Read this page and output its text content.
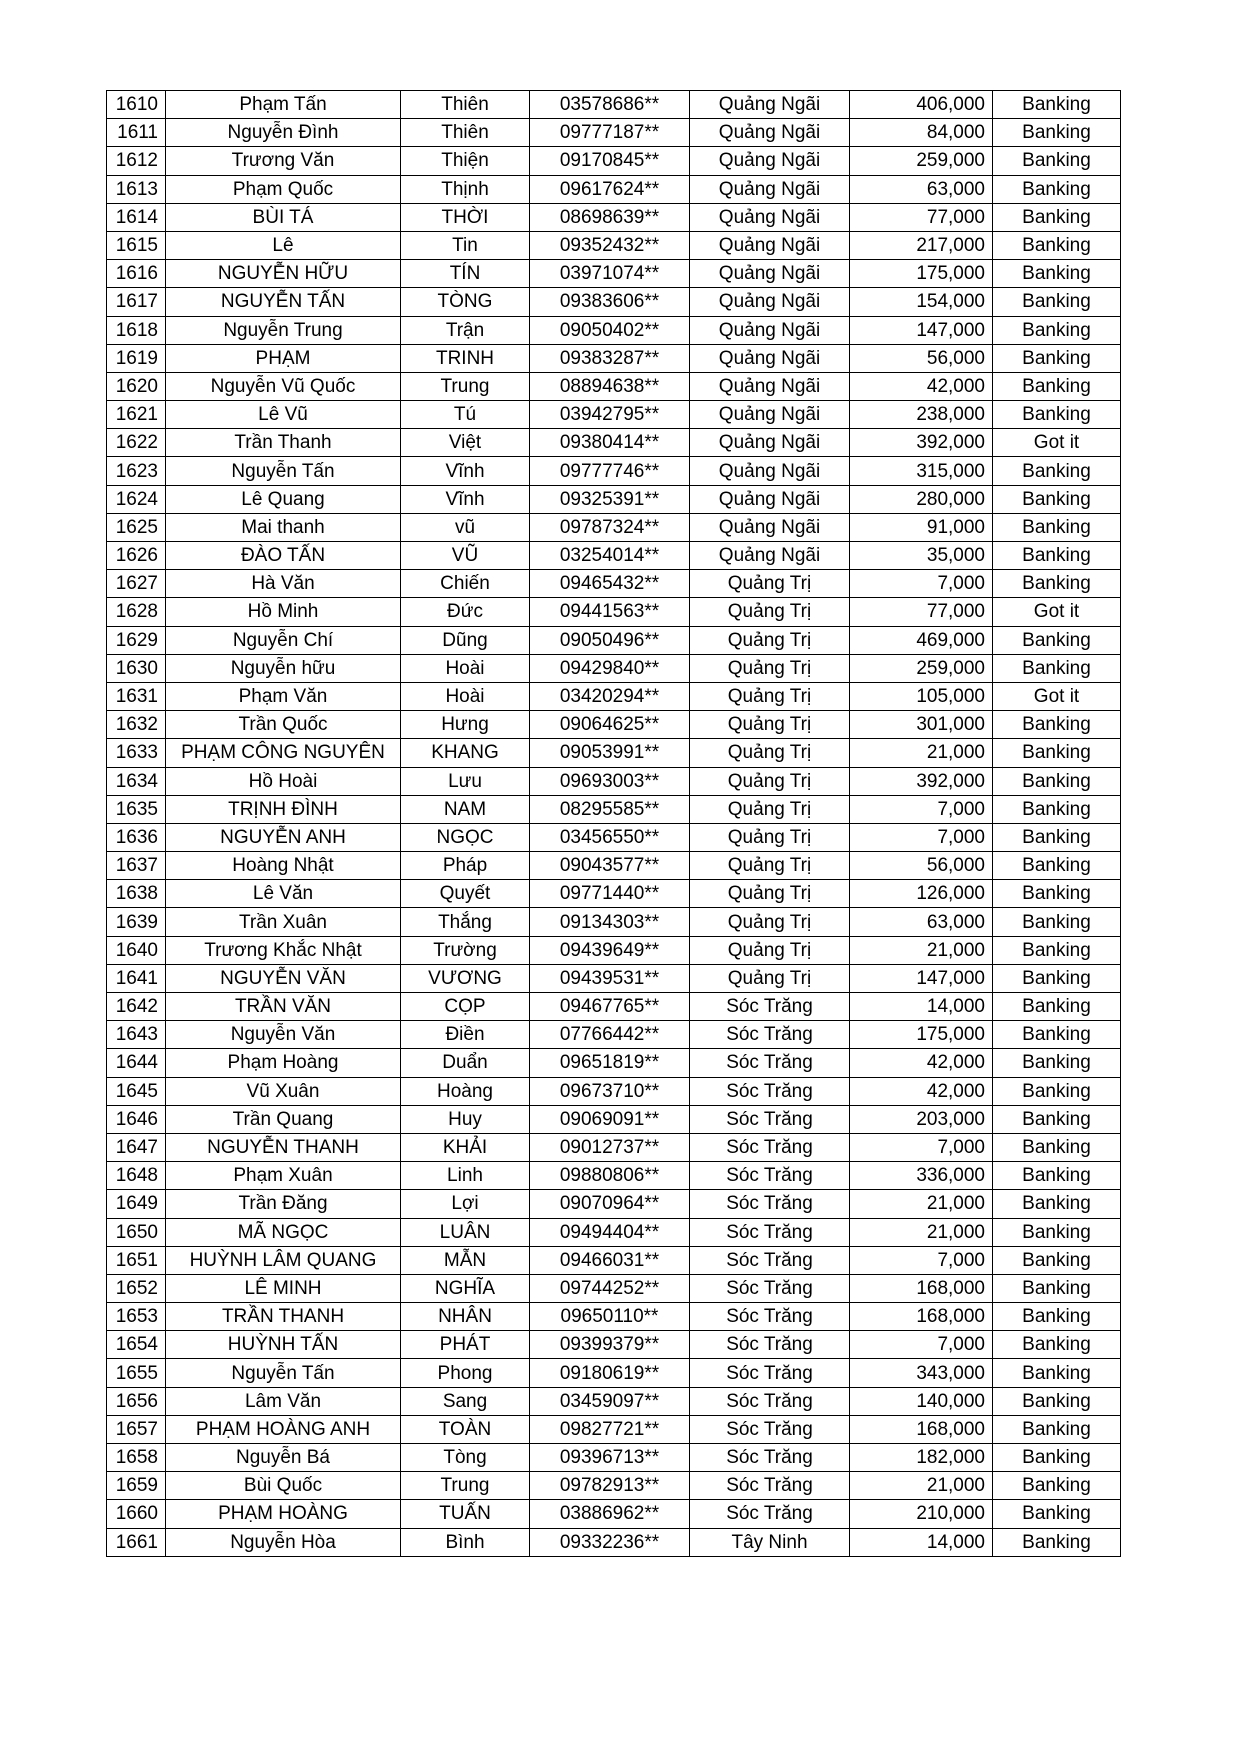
1610	Phạm Tấn	Thiên	03578686**	Quảng Ngãi	406,000	Banking
1611	Nguyễn Đình	Thiên	09777187**	Quảng Ngãi	84,000	Banking
1612	Trương Văn	Thiện	09170845**	Quảng Ngãi	259,000	Banking
1613	Phạm Quốc	Thịnh	09617624**	Quảng Ngãi	63,000	Banking
1614	BÙI TÁ	THỜI	08698639**	Quảng Ngãi	77,000	Banking
1615	Lê	Tin	09352432**	Quảng Ngãi	217,000	Banking
1616	NGUYỄN HỮU	TÍN	03971074**	Quảng Ngãi	175,000	Banking
1617	NGUYỄN TẤN	TÒNG	09383606**	Quảng Ngãi	154,000	Banking
1618	Nguyễn Trung	Trận	09050402**	Quảng Ngãi	147,000	Banking
1619	PHẠM	TRINH	09383287**	Quảng Ngãi	56,000	Banking
1620	Nguyễn Vũ Quốc	Trung	08894638**	Quảng Ngãi	42,000	Banking
1621	Lê Vũ	Tú	03942795**	Quảng Ngãi	238,000	Banking
1622	Trần Thanh	Việt	09380414**	Quảng Ngãi	392,000	Got it
1623	Nguyễn Tấn	Vĩnh	09777746**	Quảng Ngãi	315,000	Banking
1624	Lê Quang	Vĩnh	09325391**	Quảng Ngãi	280,000	Banking
1625	Mai thanh	vũ	09787324**	Quảng Ngãi	91,000	Banking
1626	ĐÀO TẤN	VŨ	03254014**	Quảng Ngãi	35,000	Banking
1627	Hà Văn	Chiến	09465432**	Quảng Trị	7,000	Banking
1628	Hồ Minh	Đức	09441563**	Quảng Trị	77,000	Got it
1629	Nguyễn Chí	Dũng	09050496**	Quảng Trị	469,000	Banking
1630	Nguyễn hữu	Hoài	09429840**	Quảng Trị	259,000	Banking
1631	Phạm Văn	Hoài	03420294**	Quảng Trị	105,000	Got it
1632	Trần Quốc	Hưng	09064625**	Quảng Trị	301,000	Banking
1633	PHẠM CÔNG NGUYÊN	KHANG	09053991**	Quảng Trị	21,000	Banking
1634	Hồ Hoài	Lưu	09693003**	Quảng Trị	392,000	Banking
1635	TRỊNH ĐÌNH	NAM	08295585**	Quảng Trị	7,000	Banking
1636	NGUYỄN ANH	NGỌC	03456550**	Quảng Trị	7,000	Banking
1637	Hoàng Nhật	Pháp	09043577**	Quảng Trị	56,000	Banking
1638	Lê Văn	Quyết	09771440**	Quảng Trị	126,000	Banking
1639	Trần Xuân	Thắng	09134303**	Quảng Trị	63,000	Banking
1640	Trương Khắc Nhật	Trường	09439649**	Quảng Trị	21,000	Banking
1641	NGUYỄN VĂN	VƯƠNG	09439531**	Quảng Trị	147,000	Banking
1642	TRẦN VĂN	CỌP	09467765**	Sóc Trăng	14,000	Banking
1643	Nguyễn Văn	Điền	07766442**	Sóc Trăng	175,000	Banking
1644	Phạm Hoàng	Duẩn	09651819**	Sóc Trăng	42,000	Banking
1645	Vũ Xuân	Hoàng	09673710**	Sóc Trăng	42,000	Banking
1646	Trần Quang	Huy	09069091**	Sóc Trăng	203,000	Banking
1647	NGUYỄN THANH	KHẢI	09012737**	Sóc Trăng	7,000	Banking
1648	Phạm Xuân	Linh	09880806**	Sóc Trăng	336,000	Banking
1649	Trần Đăng	Lợi	09070964**	Sóc Trăng	21,000	Banking
1650	MÃ NGỌC	LUÂN	09494404**	Sóc Trăng	21,000	Banking
1651	HUỲNH LÂM QUANG	MẪN	09466031**	Sóc Trăng	7,000	Banking
1652	LÊ MINH	NGHĨA	09744252**	Sóc Trăng	168,000	Banking
1653	TRẦN THANH	NHÂN	09650110**	Sóc Trăng	168,000	Banking
1654	HUỲNH TẤN	PHÁT	09399379**	Sóc Trăng	7,000	Banking
1655	Nguyễn Tấn	Phong	09180619**	Sóc Trăng	343,000	Banking
1656	Lâm Văn	Sang	03459097**	Sóc Trăng	140,000	Banking
1657	PHẠM HOÀNG ANH	TOÀN	09827721**	Sóc Trăng	168,000	Banking
1658	Nguyễn Bá	Tòng	09396713**	Sóc Trăng	182,000	Banking
1659	Bùi Quốc	Trung	09782913**	Sóc Trăng	21,000	Banking
1660	PHẠM HOÀNG	TUẤN	03886962**	Sóc Trăng	210,000	Banking
1661	Nguyễn Hòa	Bình	09332236**	Tây Ninh	14,000	Banking
